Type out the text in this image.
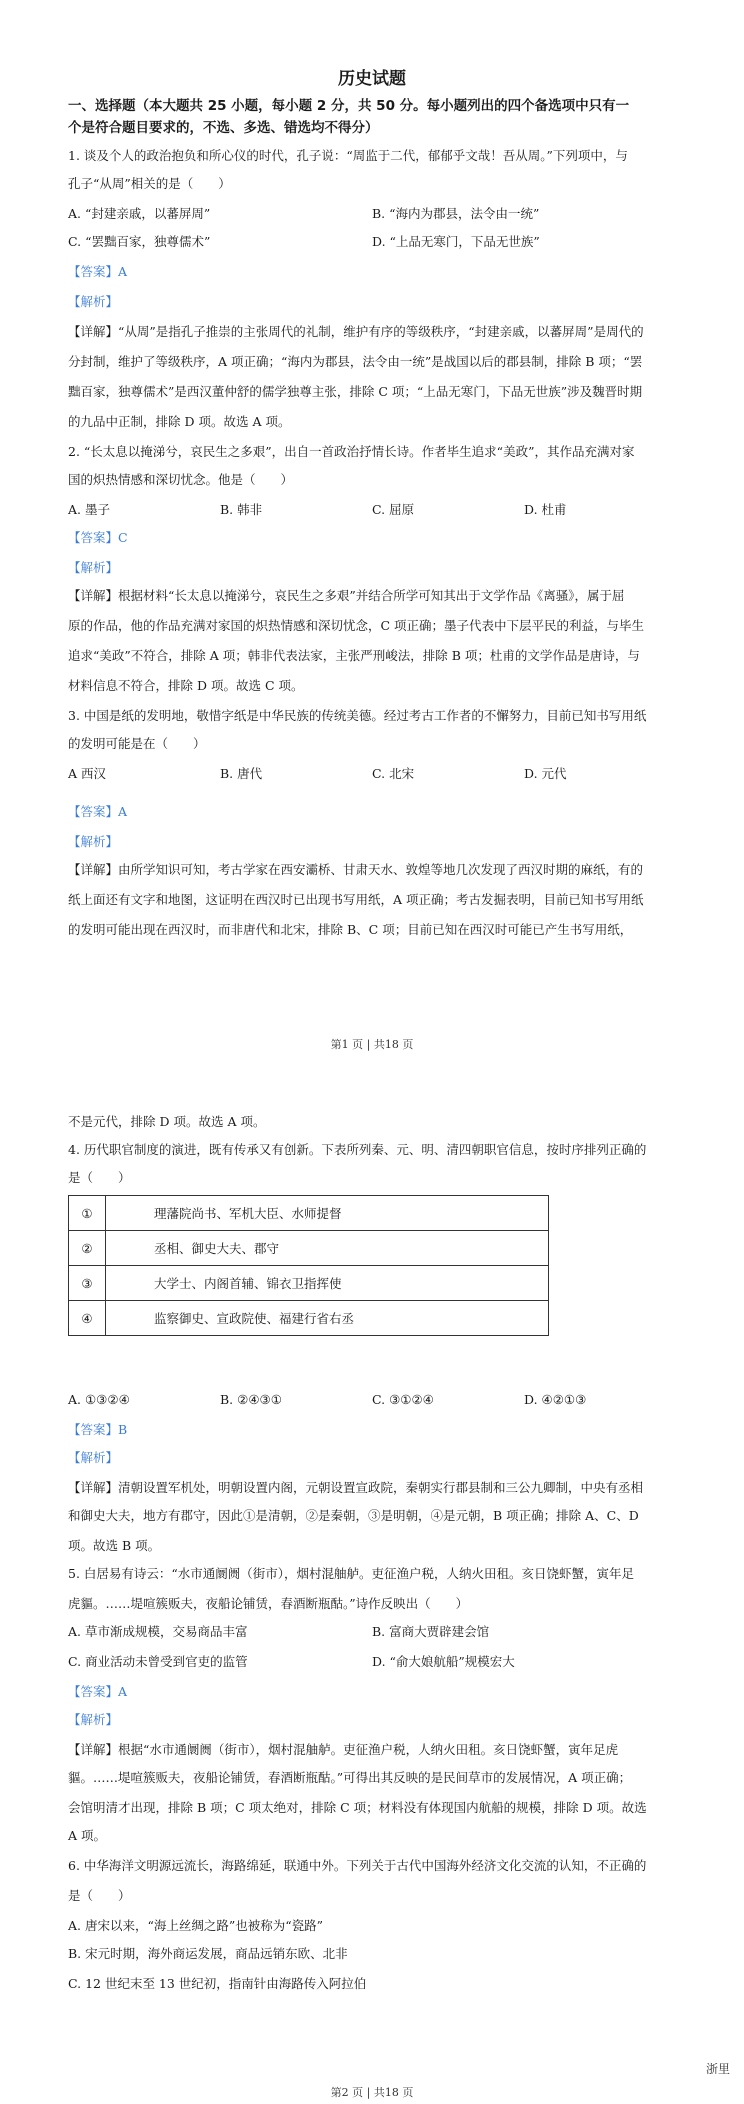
历史试题
一、选择题（本大题共 25 小题，每小题 2 分，共 50 分。每小题列出的四个备选项中只有一
个是符合题目要求的，不选、多选、错选均不得分）
1. 谈及个人的政治抱负和所心仪的时代，孔子说：“周监于二代，郁郁乎文哉！吾从周。”下列项中，与
孔子“从周”相关的是（　　）
A. “封建亲戚，以蕃屏周”	B. “海内为郡县，法令由一统”
C. “罢黜百家，独尊儒术”	D. “上品无寒门，下品无世族”
【答案】A
【解析】
【详解】“从周”是指孔子推崇的主张周代的礼制，维护有序的等级秩序，“封建亲戚，以蕃屏周”是周代的
分封制，维护了等级秩序，A 项正确；“海内为郡县，法令由一统”是战国以后的郡县制，排除 B 项；“罢
黜百家，独尊儒术”是西汉董仲舒的儒学独尊主张，排除 C 项；“上品无寒门，下品无世族”涉及魏晋时期
的九品中正制，排除 D 项。故选 A 项。
2. “长太息以掩涕兮，哀民生之多艰”，出自一首政治抒情长诗。作者毕生追求“美政”，其作品充满对家
国的炽热情感和深切忧念。他是（　　）
A. 墨子	B. 韩非	C. 屈原	D. 杜甫
【答案】C
【解析】
【详解】根据材料“长太息以掩涕兮，哀民生之多艰”并结合所学可知其出于文学作品《离骚》，属于屈
原的作品，他的作品充满对家国的炽热情感和深切忧念，C 项正确；墨子代表中下层平民的利益，与毕生
追求“美政”不符合，排除 A 项；韩非代表法家，主张严刑峻法，排除 B 项；杜甫的文学作品是唐诗，与
材料信息不符合，排除 D 项。故选 C 项。
3. 中国是纸的发明地，敬惜字纸是中华民族的传统美德。经过考古工作者的不懈努力，目前已知书写用纸
的发明可能是在（　　）
A 西汉	B. 唐代	C. 北宋	D. 元代
【答案】A
【解析】
【详解】由所学知识可知，考古学家在西安灞桥、甘肃天水、敦煌等地几次发现了西汉时期的麻纸，有的
纸上面还有文字和地图，这证明在西汉时已出现书写用纸，A 项正确；考古发掘表明，目前已知书写用纸
的发明可能出现在西汉时，而非唐代和北宋，排除 B、C 项；目前已知在西汉时可能已产生书写用纸，
第1 页 | 共18 页
不是元代，排除 D 项。故选 A 项。
4. 历代职官制度的演进，既有传承又有创新。下表所列秦、元、明、清四朝职官信息，按时序排列正确的
是（　　）
①	理藩院尚书、军机大臣、水师提督
②	丞相、御史大夫、郡守
③	大学士、内阁首辅、锦衣卫指挥使
④	监察御史、宣政院使、福建行省右丞
A. ①③②④	B. ②④③①	C. ③①②④	D. ④②①③
【答案】B
【解析】
【详解】清朝设置军机处，明朝设置内阁，元朝设置宣政院，秦朝实行郡县制和三公九卿制，中央有丞相
和御史大夫，地方有郡守，因此①是清朝，②是秦朝，③是明朝，④是元朝，B 项正确；排除 A、C、D
项。故选 B 项。
5. 白居易有诗云：“水市通阛阓（街市），烟村混舳舻。吏征渔户税，人纳火田租。亥日饶虾蟹，寅年足
虎貙。……堤喧簇贩夫，夜船论铺赁，春酒断瓶酤。”诗作反映出（　　）
A. 草市渐成规模，交易商品丰富	B. 富商大贾辟建会馆
C. 商业活动未曾受到官吏的监管	D. “俞大娘航船”规模宏大
【答案】A
【解析】
【详解】根据“水市通阛阓（街市），烟村混舳舻。吏征渔户税，人纳火田租。亥日饶虾蟹，寅年足虎
貙。……堤喧簇贩夫，夜船论铺赁，春酒断瓶酤。”可得出其反映的是民间草市的发展情况，A 项正确；
会馆明清才出现，排除 B 项；C 项太绝对，排除 C 项；材料没有体现国内航船的规模，排除 D 项。故选
A 项。
6. 中华海洋文明源远流长，海路绵延，联通中外。下列关于古代中国海外经济文化交流的认知，不正确的
是（　　）
A. 唐宋以来，“海上丝绸之路”也被称为“瓷路”
B. 宋元时期，海外商运发展，商品远销东欧、北非
C. 12 世纪末至 13 世纪初，指南针由海路传入阿拉伯
浙里
第2 页 | 共18 页
